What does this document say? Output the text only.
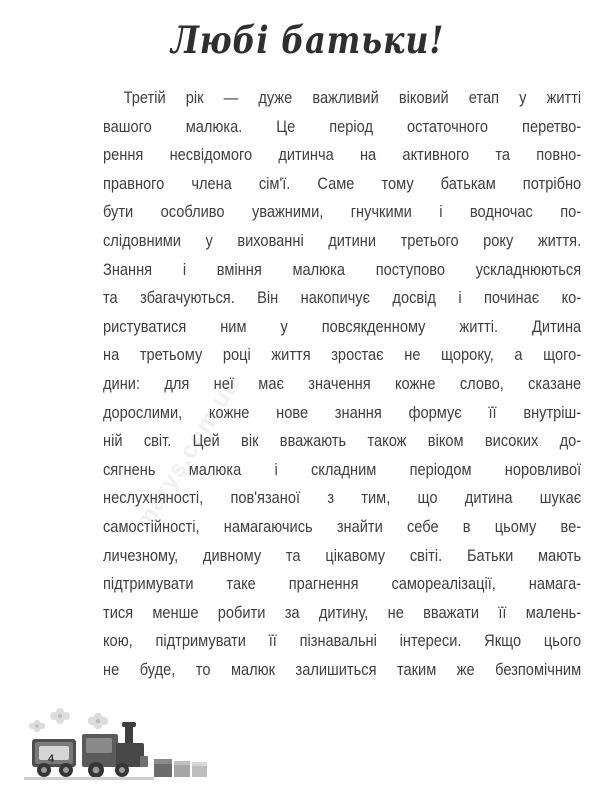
Любі батьки!
marys.com.ua
Третій рік — дуже важливий віковий етап у житті
вашого малюка. Це період остаточного перетво-
рення несвідомого дитинча на активного та повно-
правного члена сім'ї. Саме тому батькам потрібно
бути особливо уважними, гнучкими і водночас по-
слідовними у вихованні дитини третього року життя.
Знання і вміння малюка поступово ускладнюються
та збагачуються. Він накопичує досвід і починає ко-
ристуватися ним у повсякденному житті. Дитина
на третьому році життя зростає не щороку, а щого-
дини: для неї має значення кожне слово, сказане
дорослими, кожне нове знання формує її внутріш-
ній світ. Цей вік вважають також віком високих до-
сягнень малюка і складним періодом норовливої
неслухняності, пов'язаної з тим, що дитина шукає
самостійності, намагаючись знайти себе в цьому ве-
личезному, дивному та цікавому світі. Батьки мають
підтримувати таке прагнення самореалізації, намага-
тися менше робити за дитину, не вважати її малень-
кою, підтримувати її пізнавальні інтереси. Якщо цього
не буде, то малюк залишиться таким же безпомічним
4
